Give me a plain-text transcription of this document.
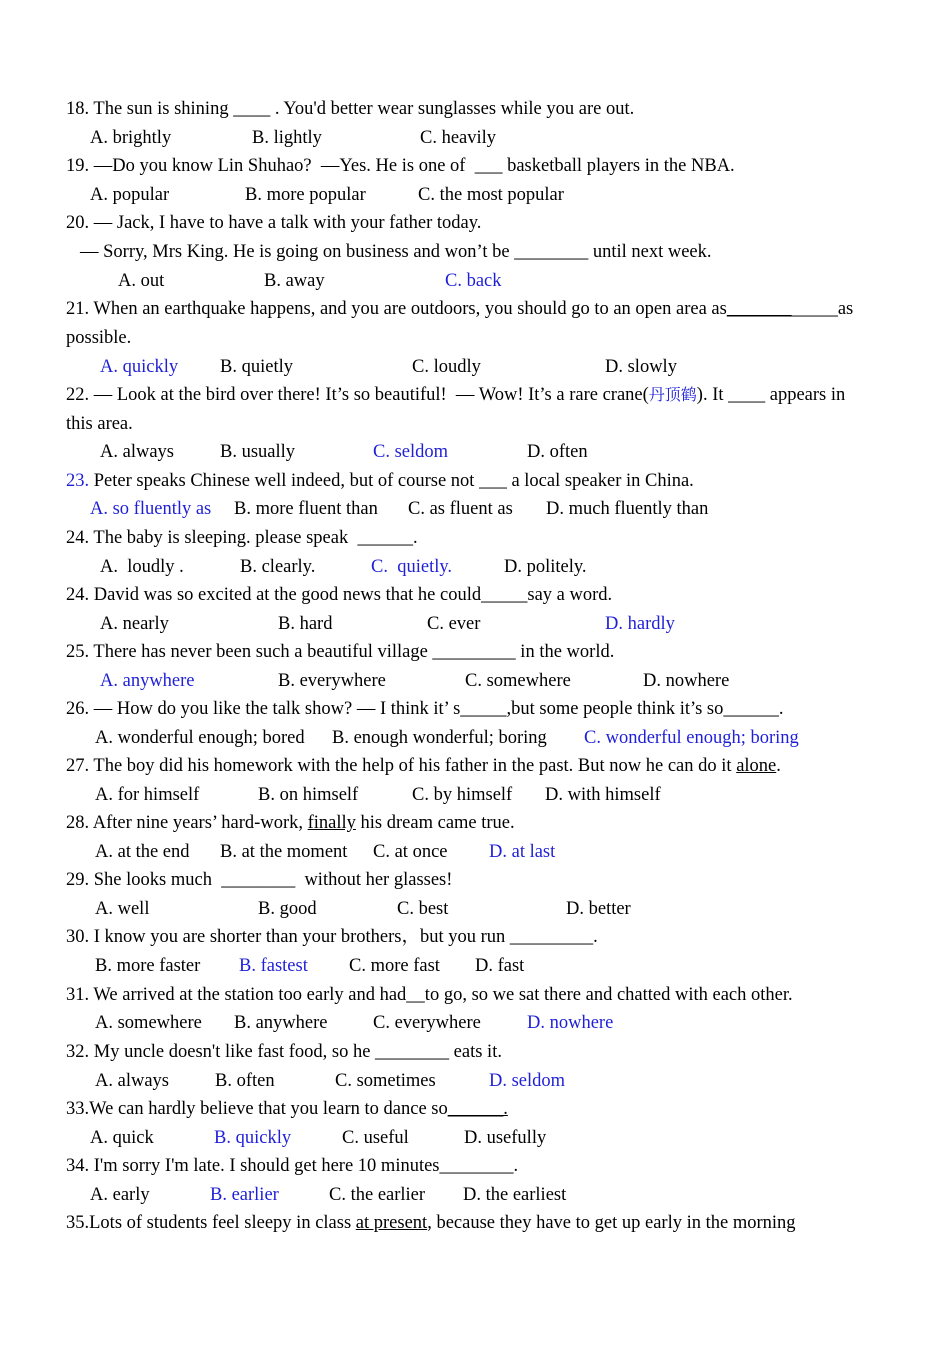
18. The sun is shining ____ . You'd better wear sunglasses while you are out.
A. brightly	B. lightly	C. heavily
19. —Do you know Lin Shuhao?  —Yes. He is one of  ___ basketball players in the NBA.
A. popular	B. more popular	C. the most popular
20. — Jack, I have to have a talk with your father today.
— Sorry, Mrs King. He is going on business and won’t be ________ until next week.
A. out	B. away	C. back
21. When an earthquake happens, and you are outdoors, you should go to an open area as____________as
possible.
A. quickly B. quietly	C. loudly	D. slowly
22. — Look at the bird over there! It’s so beautiful!  — Wow! It’s a rare crane(丹顶鹤). It ____ appears in
this area.
A. always B. usually	C. seldom	D. often
23. Peter speaks Chinese well indeed, but of course not ___ a local speaker in China.
A. so fluently as B. more fluent than C. as fluent as D. much fluently than
24. The baby is sleeping. please speak  ______.
A.  loudly .	B. clearly.	C.  quietly.	D. politely.
24. David was so excited at the good news that he could_____say a word.
A. nearly	B. hard	C. ever	D. hardly
25. There has never been such a beautiful village _________ in the world.
A. anywhere	B. everywhere	C. somewhere	D. nowhere
26. — How do you like the talk show? — I think it’ s_____,but some people think it’s so______.
A. wonderful enough; bored B. enough wonderful; boring C. wonderful enough; boring
27. The boy did his homework with the help of his father in the past. But now he can do it alone.
A. for himself	B. on himself	C. by himself D. with himself
28. After nine years’ hard-work, finally his dream came true.
A. at the end B. at the moment C. at once D. at last
29. She looks much  ________  without her glasses!
A. well	B. good	C. best	D. better
30. I know you are shorter than your brothers，but you run _________.
B. more faster B. fastest C. more fast D. fast
31. We arrived at the station too early and had__to go, so we sat there and chatted with each other.
A. somewhere B. anywhere C. everywhere D. nowhere
32. My uncle doesn't like fast food, so he ________ eats it.
A. always B. often	C. sometimes	D. seldom
33.We can hardly believe that you learn to dance so______.
A. quick	B. quickly	C. useful	D. usefully
34. I'm sorry I'm late. I should get here 10 minutes________.
A. early	B. earlier	C. the earlier D. the earliest
35.Lots of students feel sleepy in class at present, because they have to get up early in the morning
